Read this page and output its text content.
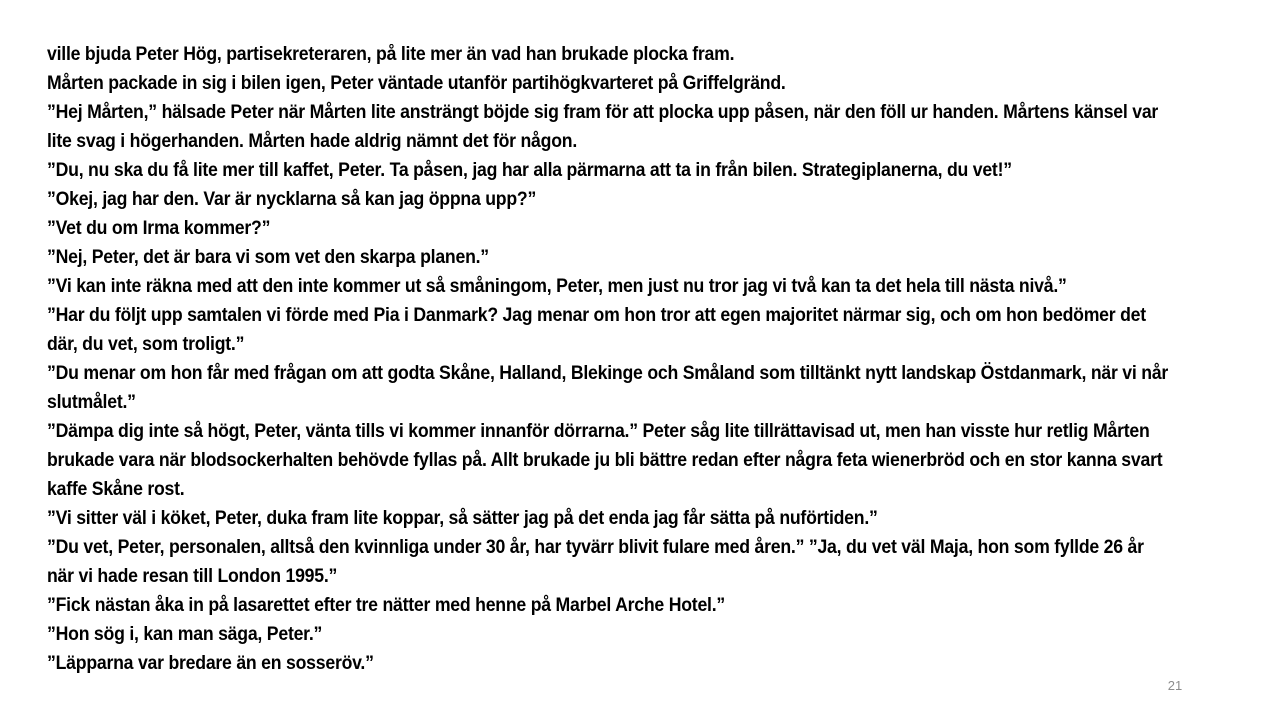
ville bjuda Peter Hög, partisekreteraren, på lite mer än vad han brukade plocka fram.
Mårten packade in sig i bilen igen, Peter väntade utanför partihögkvarteret på Griffelgränd.
”Hej Mårten,” hälsade Peter när Mårten lite ansträngt böjde sig fram för att plocka upp påsen, när den föll ur handen. Mårtens känsel var lite svag i högerhanden. Mårten hade aldrig nämnt det för någon.
”Du, nu ska du få lite mer till kaffet, Peter. Ta påsen, jag har alla pärmarna att ta in från bilen. Strategiplanerna, du vet!”
”Okej, jag har den. Var är nycklarna så kan jag öppna upp?”
”Vet du om Irma kommer?”
”Nej, Peter, det är bara vi som vet den skarpa planen.”
”Vi kan inte räkna med att den inte kommer ut så småningom, Peter, men just nu tror jag vi två kan ta det hela till nästa nivå.”
”Har du följt upp samtalen vi förde med Pia i Danmark? Jag menar om hon tror att egen majoritet närmar sig, och om hon bedömer det där, du vet, som troligt.”
”Du menar om hon får med frågan om att godta Skåne, Halland, Blekinge och Småland som tilltänkt nytt landskap Östdanmark, när vi når slutmålet.”
”Dämpa dig inte så högt, Peter, vänta tills vi kommer innanför dörrarna.” Peter såg lite tillrättavisad ut, men han visste hur retlig Mårten brukade vara när blodsockerhalten behövde fyllas på. Allt brukade ju bli bättre redan efter några feta wienerbröd och en stor kanna svart kaffe Skåne rost.
”Vi sitter väl i köket, Peter, duka fram lite koppar, så sätter jag på det enda jag får sätta på nuförtiden.”
”Du vet, Peter, personalen, alltså den kvinnliga under 30 år, har tyvärr blivit fulare med åren.” ”Ja, du vet väl Maja, hon som fyllde 26 år när vi hade resan till London 1995.”
”Fick nästan åka in på lasarettet efter tre nätter med henne på Marbel Arche Hotel.”
”Hon sög i, kan man säga, Peter.”
”Läpparna var bredare än en sosseröv.”
21
